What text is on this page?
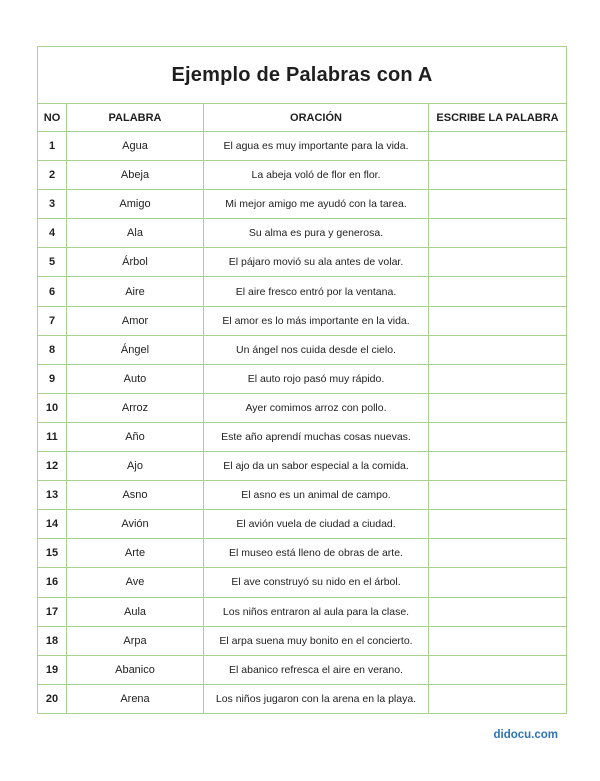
Ejemplo de Palabras con A			
NO	PALABRA	ORACIÓN	ESCRIBE LA PALABRA
1	Agua	El agua es muy importante para la vida.	
2	Abeja	La abeja voló de flor en flor.	
3	Amigo	Mi mejor amigo me ayudó con la tarea.	
4	Ala	Su alma es pura y generosa.	
5	Árbol	El pájaro movió su ala antes de volar.	
6	Aire	El aire fresco entró por la ventana.	
7	Amor	El amor es lo más importante en la vida.	
8	Ángel	Un ángel nos cuida desde el cielo.	
9	Auto	El auto rojo pasó muy rápido.	
10	Arroz	Ayer comimos arroz con pollo.	
11	Año	Este año aprendí muchas cosas nuevas.	
12	Ajo	El ajo da un sabor especial a la comida.	
13	Asno	El asno es un animal de campo.	
14	Avión	El avión vuela de ciudad a ciudad.	
15	Arte	El museo está lleno de obras de arte.	
16	Ave	El ave construyó su nido en el árbol.	
17	Aula	Los niños entraron al aula para la clase.	
18	Arpa	El arpa suena muy bonito en el concierto.	
19	Abanico	El abanico refresca el aire en verano.	
20	Arena	Los niños jugaron con la arena en la playa.	
didocu.com
